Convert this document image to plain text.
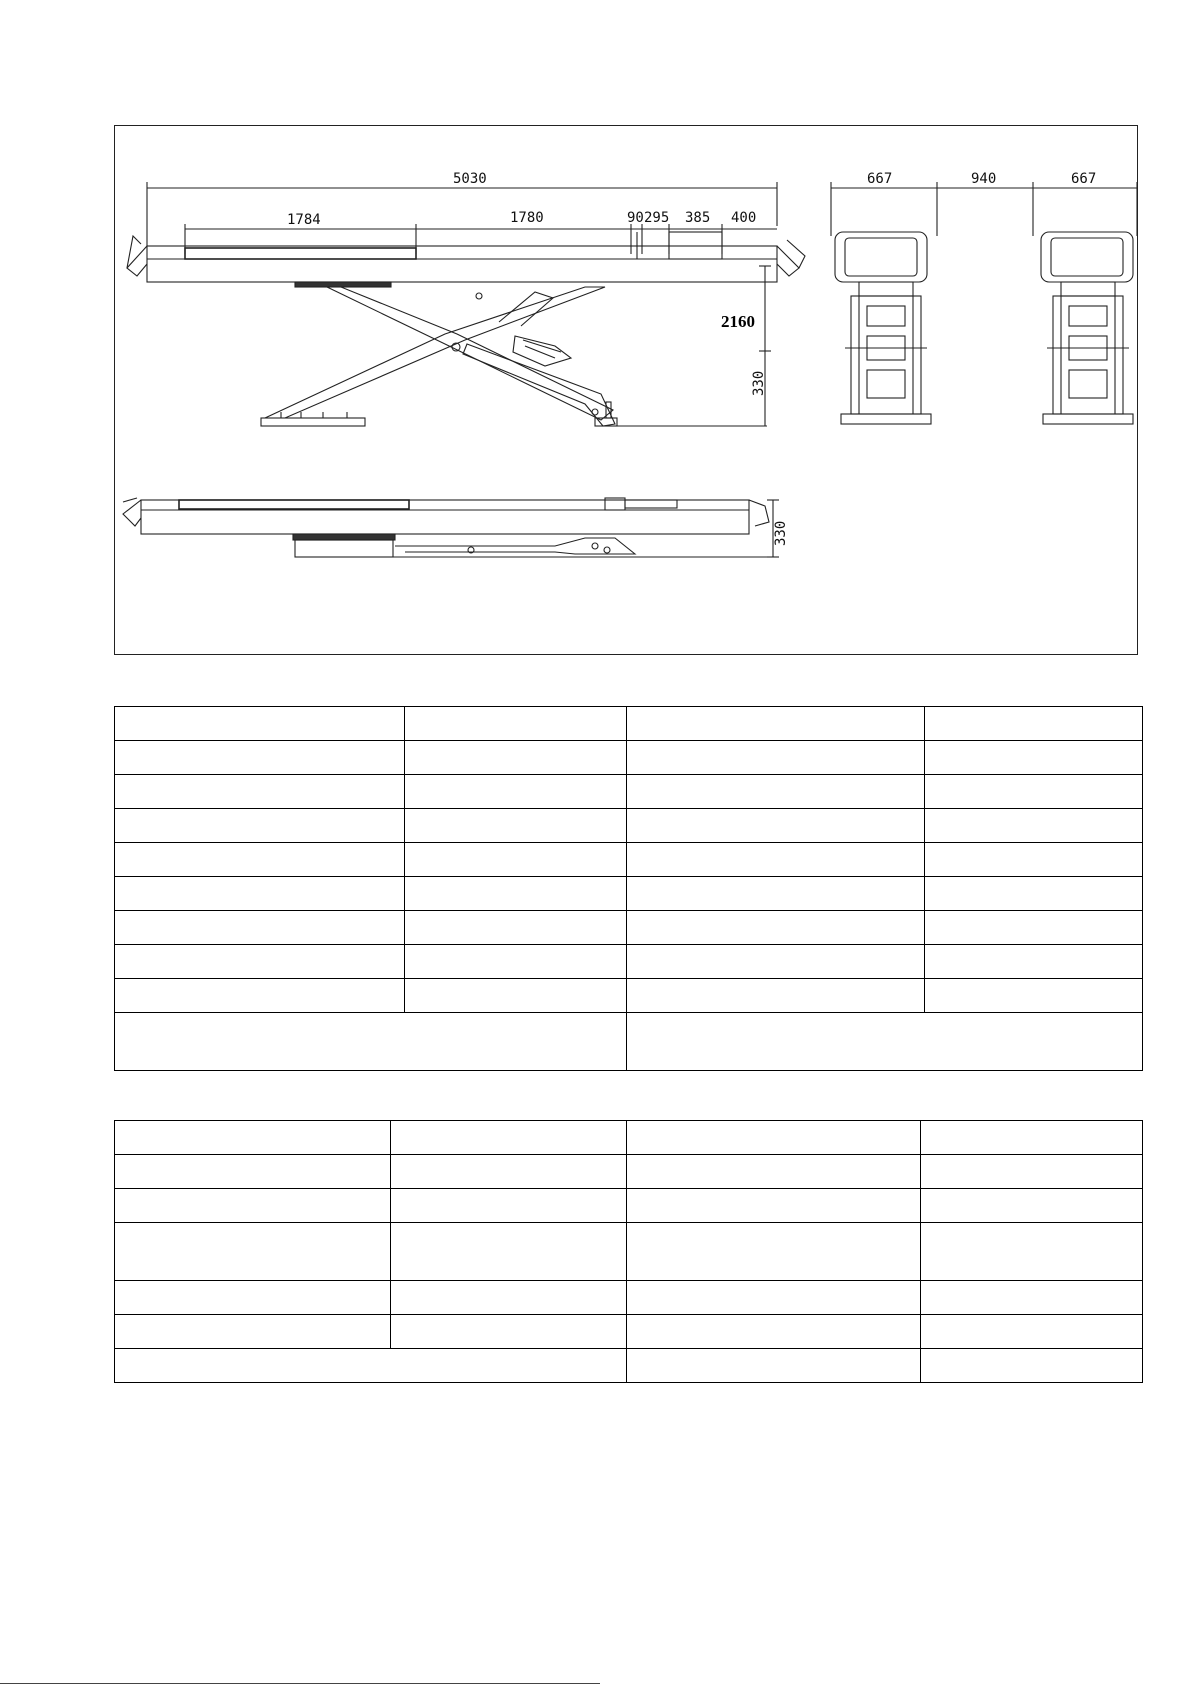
5030
1784	1780	90 295 385 400
2160
330
330
667	940	667
